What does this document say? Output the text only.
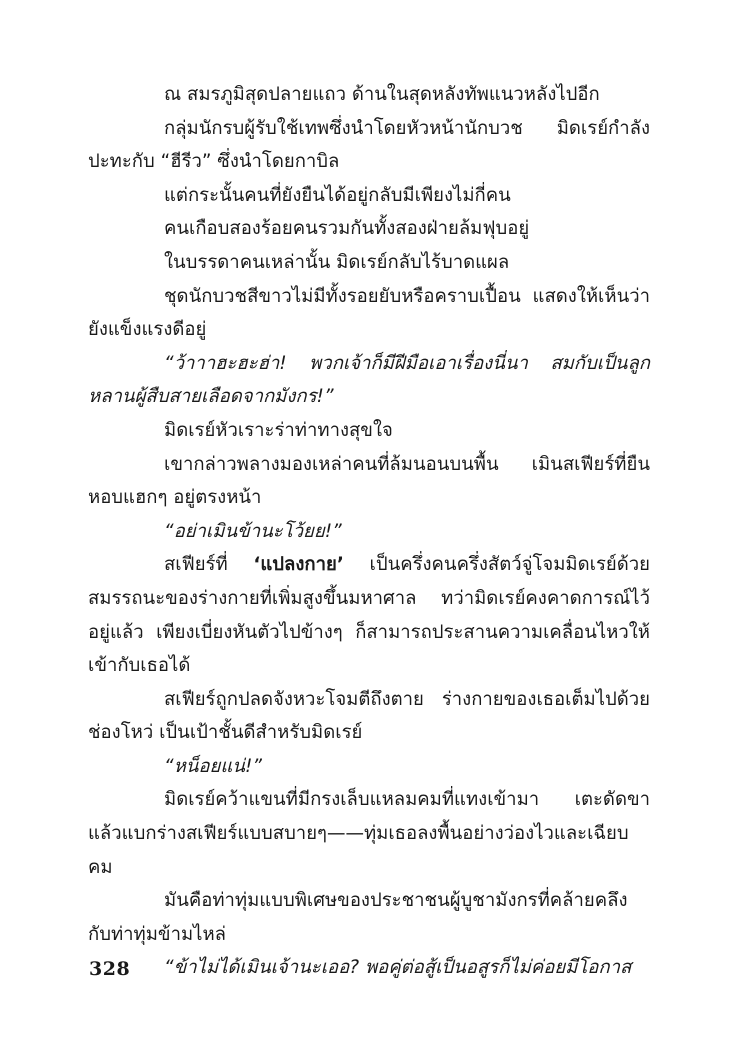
ณ สมรภูมิสุดปลายแถว ด้านในสุดหลังทัพแนวหลังไปอีก

กลุ่มนักรบผู้รับใช้เทพซึ่งนำโดยหัวหน้านักบวช มิดเรย์กำลังปะทะกับ “ฮีรีว” ซึ่งนำโดยกาบิล

แต่กระนั้นคนที่ยังยืนได้อยู่กลับมีเพียงไม่กี่คน

คนเกือบสองร้อยคนรวมกันทั้งสองฝ่ายล้มฟุบอยู่

ในบรรดาคนเหล่านั้น มิดเรย์กลับไร้บาดแผล

ชุดนักบวชสีขาวไม่มีทั้งรอยยับหรือคราบเปื้อน แสดงให้เห็นว่ายังแข็งแรงดีอยู่

“ว้าาาฮะฮะฮ่า! พวกเจ้าก็มีฝีมือเอาเรื่องนี่นา สมกับเป็นลูกหลานผู้สืบสายเลือดจากมังกร!”

มิดเรย์หัวเราะร่าท่าทางสุขใจ

เขากล่าวพลางมองเหล่าคนที่ล้มนอนบนพื้น เมินสเฟียร์ที่ยืนหอบแฮกๆ อยู่ตรงหน้า

“อย่าเมินข้านะโว้ยย!”

สเฟียร์ที่ ‘แปลงกาย’ เป็นครึ่งคนครึ่งสัตว์จู่โจมมิดเรย์ด้วยสมรรถนะของร่างกายที่เพิ่มสูงขึ้นมหาศาล ทว่ามิดเรย์คงคาดการณ์ไว้อยู่แล้ว เพียงเบี่ยงหันตัวไปข้างๆ ก็สามารถประสานความเคลื่อนไหวให้เข้ากับเธอได้

สเฟียร์ถูกปลดจังหวะโจมตีถึงตาย ร่างกายของเธอเต็มไปด้วยช่องโหว่ เป็นเป้าชั้นดีสำหรับมิดเรย์

“หน็อยแน่!”

มิดเรย์คว้าแขนที่มีกรงเล็บแหลมคมที่แทงเข้ามา เตะดัดขาแล้วแบกร่างสเฟียร์แบบสบายๆ——ทุ่มเธอลงพื้นอย่างว่องไวและเฉียบคม

มันคือท่าทุ่มแบบพิเศษของประชาชนผู้บูชามังกรที่คล้ายคลึงกับท่าทุ่มข้ามไหล่

“ข้าไม่ได้เมินเจ้านะเออ? พอคู่ต่อสู้เป็นอสูรก็ไม่ค่อยมีโอกาส

328
